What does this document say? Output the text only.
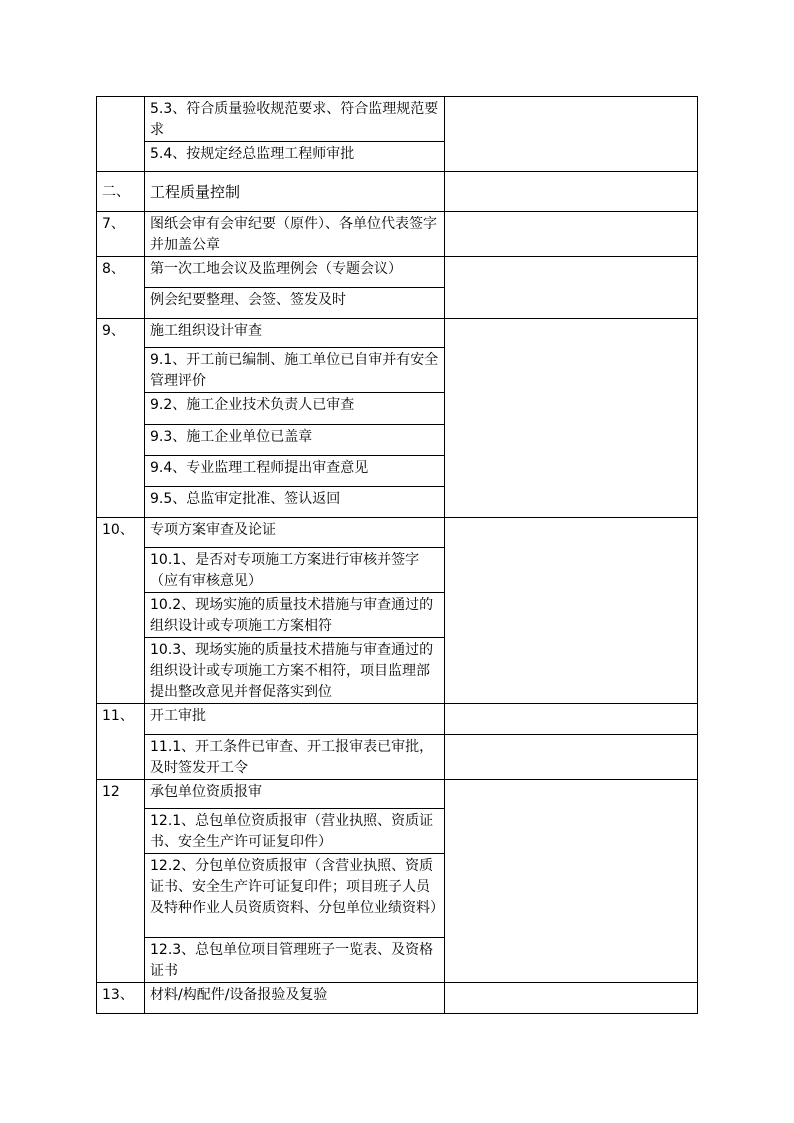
	5.3、符合质量验收规范要求、符合监理规范要求	

	5.4、按规定经总监理工程师审批	

二、	工程质量控制	
7、	图纸会审有会审纪要（原件）、各单位代表签字并加盖公章	

8、	第一次工地会议及监理例会（专题会议）	

	例会纪要整理、会签、签发及时	

9、	施工组织设计审查	

	9.1、开工前已编制、施工单位已自审并有安全管理评价	

	9.2、施工企业技术负责人已审查	

	9.3、施工企业单位已盖章	

	9.4、专业监理工程师提出审查意见	

	9.5、总监审定批准、签认返回	

10、	专项方案审查及论证	

	10.1、是否对专项施工方案进行审核并签字（应有审核意见）	

	10.2、现场实施的质量技术措施与审查通过的组织设计或专项施工方案相符	

	10.3、现场实施的质量技术措施与审查通过的组织设计或专项施工方案不相符，项目监理部提出整改意见并督促落实到位	

11、	开工审批	

	11.1、开工条件已审查、开工报审表已审批，及时签发开工令	

12	承包单位资质报审	

	12.1、总包单位资质报审（营业执照、资质证书、安全生产许可证复印件）	

	12.2、分包单位资质报审（含营业执照、资质证书、安全生产许可证复印件；项目班子人员及特种作业人员资质资料、分包单位业绩资料）	

	12.3、总包单位项目管理班子一览表、及资格证书	

13、	材料/构配件/设备报验及复验	
